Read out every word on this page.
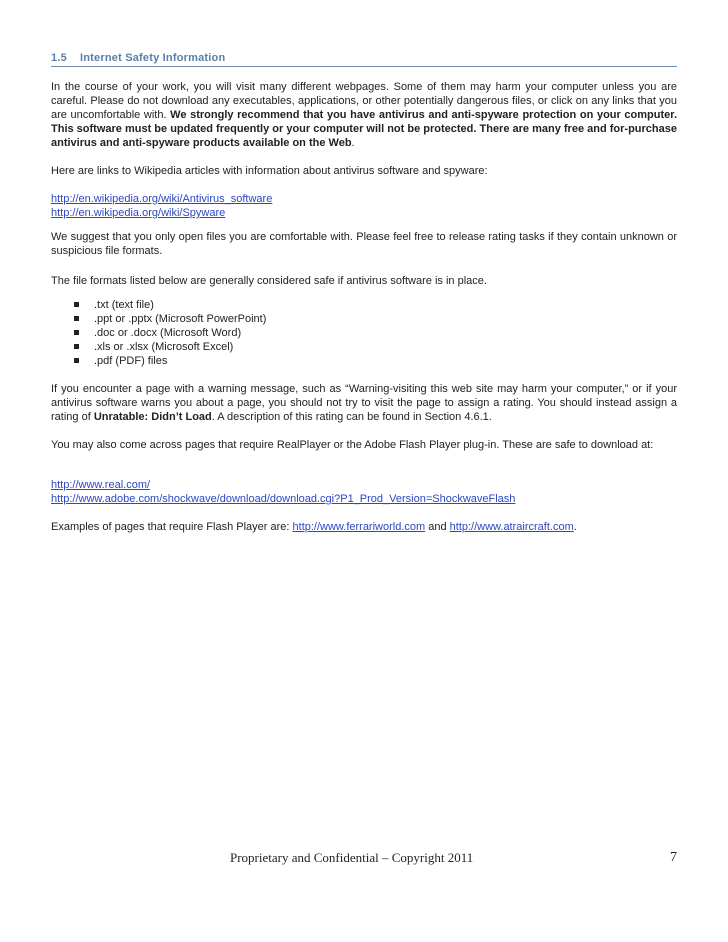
1.5 Internet Safety Information

In the course of your work, you will visit many different webpages. Some of them may harm your computer unless you are careful. Please do not download any executables, applications, or other potentially dangerous files, or click on any links that you are uncomfortable with. We strongly recommend that you have antivirus and anti-spyware protection on your computer. This software must be updated frequently or your computer will not be protected. There are many free and for-purchase antivirus and anti-spyware products available on the Web.

Here are links to Wikipedia articles with information about antivirus software and spyware:

http://en.wikipedia.org/wiki/Antivirus_software
http://en.wikipedia.org/wiki/Spyware

We suggest that you only open files you are comfortable with. Please feel free to release rating tasks if they contain unknown or suspicious file formats.

The file formats listed below are generally considered safe if antivirus software is in place.

.txt (text file)
.ppt or .pptx (Microsoft PowerPoint)
.doc or .docx (Microsoft Word)
.xls or .xlsx (Microsoft Excel)
.pdf (PDF) files

If you encounter a page with a warning message, such as “Warning-visiting this web site may harm your computer,” or if your antivirus software warns you about a page, you should not try to visit the page to assign a rating. You should instead assign a rating of Unratable: Didn’t Load. A description of this rating can be found in Section 4.6.1.

You may also come across pages that require RealPlayer or the Adobe Flash Player plug-in. These are safe to download at:

http://www.real.com/
http://www.adobe.com/shockwave/download/download.cgi?P1_Prod_Version=ShockwaveFlash

Examples of pages that require Flash Player are: http://www.ferrariworld.com and http://www.atraircraft.com.

Proprietary and Confidential – Copyright 2011	7
